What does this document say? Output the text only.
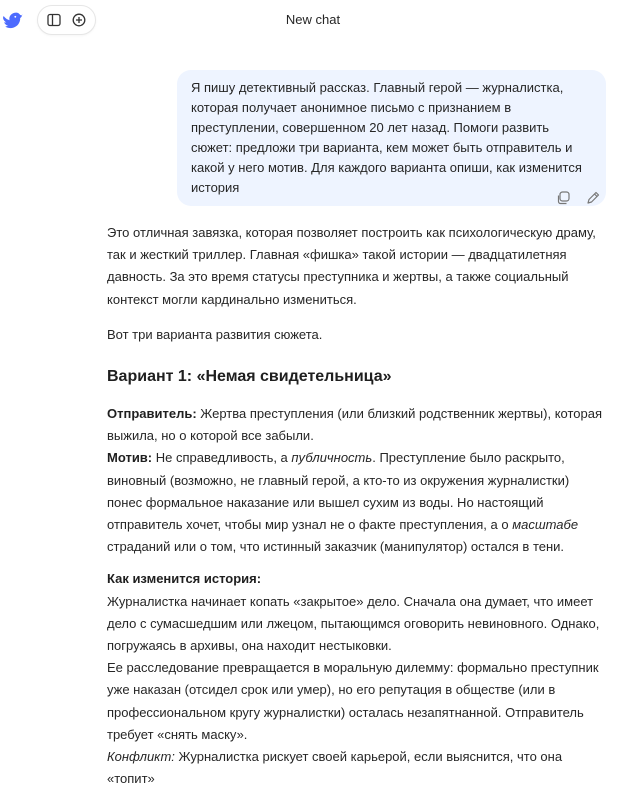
New chat

Я пишу детективный рассказ. Главный герой — журналистка, которая получает анонимное письмо с признанием в преступлении, совершенном 20 лет назад. Помоги развить сюжет: предложи три варианта, кем может быть отправитель и какой у него мотив. Для каждого варианта опиши, как изменится история

Это отличная завязка, которая позволяет построить как психологическую драму, так и жесткий триллер. Главная «фишка» такой истории — двадцатилетняя давность. За это время статусы преступника и жертвы, а также социальный контекст могли кардинально измениться.

Вот три варианта развития сюжета.

Вариант 1: «Немая свидетельница»

Отправитель: Жертва преступления (или близкий родственник жертвы), которая выжила, но о которой все забыли.

Мотив: Не справедливость, а публичность. Преступление было раскрыто, виновный (возможно, не главный герой, а кто-то из окружения журналистки) понес формальное наказание или вышел сухим из воды. Но настоящий отправитель хочет, чтобы мир узнал не о факте преступления, а о масштабе страданий или о том, что истинный заказчик (манипулятор) остался в тени.

Как изменится история:

Журналистка начинает копать «закрытое» дело. Сначала она думает, что имеет дело с сумасшедшим или лжецом, пытающимся оговорить невиновного. Однако, погружаясь в архивы, она находит нестыковки.

Ее расследование превращается в моральную дилемму: формально преступник уже наказан (отсидел срок или умер), но его репутация в обществе (или в профессиональном кругу журналистки) осталась незапятнанной. Отправитель требует «снять маску».

Конфликт: Журналистка рискует своей карьерой, если выяснится, что она «топит»
